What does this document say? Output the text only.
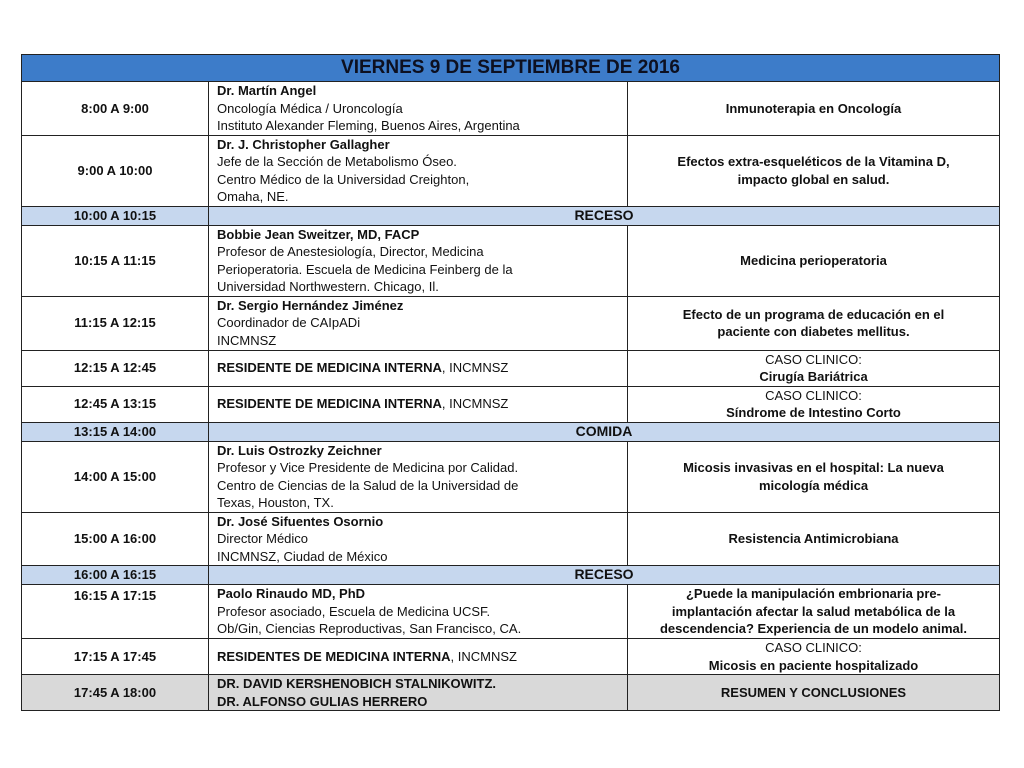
VIERNES 9 DE SEPTIEMBRE DE 2016		
8:00 A 9:00	Dr. Martín Angel
Oncología Médica / Uroncología
Instituto Alexander Fleming, Buenos Aires, Argentina	Inmunoterapia en Oncología
9:00 A 10:00	Dr. J. Christopher Gallagher
Jefe de la Sección de Metabolismo Óseo.
Centro Médico de la Universidad Creighton,
Omaha, NE.	Efectos extra-esqueléticos de la Vitamina D,
impacto global en salud.

10:00 A 10:15	RECESO	
10:15 A 11:15	Bobbie Jean Sweitzer, MD, FACP
Profesor de Anestesiología, Director, Medicina
Perioperatoria. Escuela de Medicina Feinberg de la
Universidad Northwestern. Chicago, Il.	Medicina perioperatoria
11:15 A 12:15	Dr. Sergio Hernández Jiménez
Coordinador de CAIpADi
INCMNSZ	Efecto de un programa de educación en el
paciente con diabetes mellitus.

12:15 A 12:45	RESIDENTE DE MEDICINA INTERNA, INCMNSZ	CASO CLINICO:
Cirugía Bariátrica

12:45 A 13:15	RESIDENTE DE MEDICINA INTERNA, INCMNSZ	CASO CLINICO:
Síndrome de Intestino Corto

13:15 A 14:00	COMIDA	
14:00 A 15:00	Dr. Luis Ostrozky Zeichner
Profesor y Vice Presidente de Medicina por Calidad.
Centro de Ciencias de la Salud de la Universidad de
Texas, Houston, TX.	Micosis invasivas en el hospital: La nueva
micología médica

15:00 A 16:00	Dr. José Sifuentes Osornio
Director Médico
INCMNSZ, Ciudad de México	Resistencia Antimicrobiana
16:00 A 16:15	RECESO	
16:15 A 17:15	Paolo Rinaudo MD, PhD
Profesor asociado, Escuela de Medicina UCSF.
Ob/Gin, Ciencias Reproductivas, San Francisco, CA.	¿Puede la manipulación embrionaria pre-
implantación afectar la salud metabólica de la
descendencia? Experiencia de un modelo animal.

17:15 A 17:45	RESIDENTES DE MEDICINA INTERNA, INCMNSZ	CASO CLINICO:
Micosis en paciente hospitalizado

17:45 A 18:00	DR. DAVID KERSHENOBICH STALNIKOWITZ.
DR. ALFONSO GULIAS HERRERO	RESUMEN Y CONCLUSIONES
